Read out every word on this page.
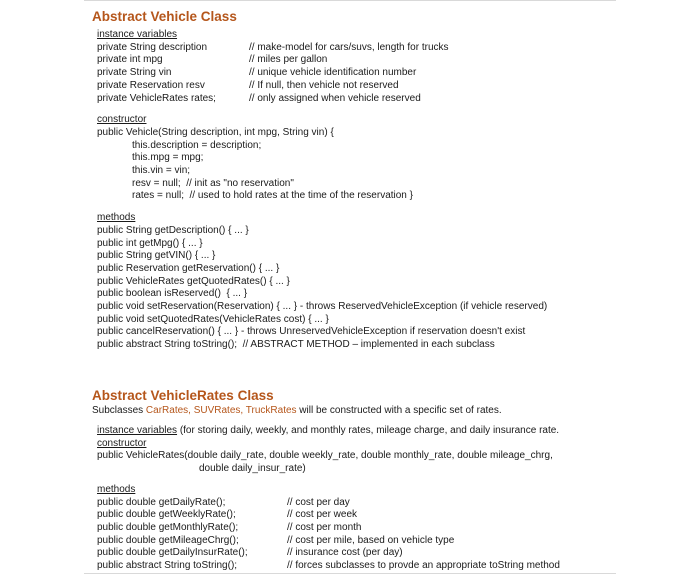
Abstract Vehicle Class
instance variables
private String description	// make-model for cars/suvs, length for trucks
private int mpg	// miles per gallon
private String vin	// unique vehicle identification number
private Reservation resv	// If null, then vehicle not reserved
private VehicleRates rates;	// only assigned when vehicle reserved
constructor
public Vehicle(String description, int mpg, String vin) {
this.description = description;
this.mpg = mpg;
this.vin = vin;
resv = null;  // init as "no reservation"
rates = null;  // used to hold rates at the time of the reservation }
methods
public String getDescription() { ... }
public int getMpg() { ... }
public String getVIN() { ... }
public Reservation getReservation() { ... }
public VehicleRates getQuotedRates() { ... }
public boolean isReserved()  { ... }
public void setReservation(Reservation) { ... } - throws ReservedVehicleException (if vehicle reserved)
public void setQuotedRates(VehicleRates cost) { ... }
public cancelReservation() { ... } - throws UnreservedVehicleException if reservation doesn't exist
public abstract String toString();  // ABSTRACT METHOD – implemented in each subclass
Abstract VehicleRates Class
Subclasses CarRates, SUVRates, TruckRates will be constructed with a specific set of rates.
instance variables (for storing daily, weekly, and monthly rates, mileage charge, and daily insurance rate.
constructor
public VehicleRates(double daily_rate, double weekly_rate, double monthly_rate, double mileage_chrg,
double daily_insur_rate)
methods
public double getDailyRate();	// cost per day
public double getWeeklyRate();	// cost per week
public double getMonthlyRate();	// cost per month
public double getMileageChrg();	// cost per mile, based on vehicle type
public double getDailyInsurRate();	// insurance cost (per day)
public abstract String toString();	// forces subclasses to provde an appropriate toString method
